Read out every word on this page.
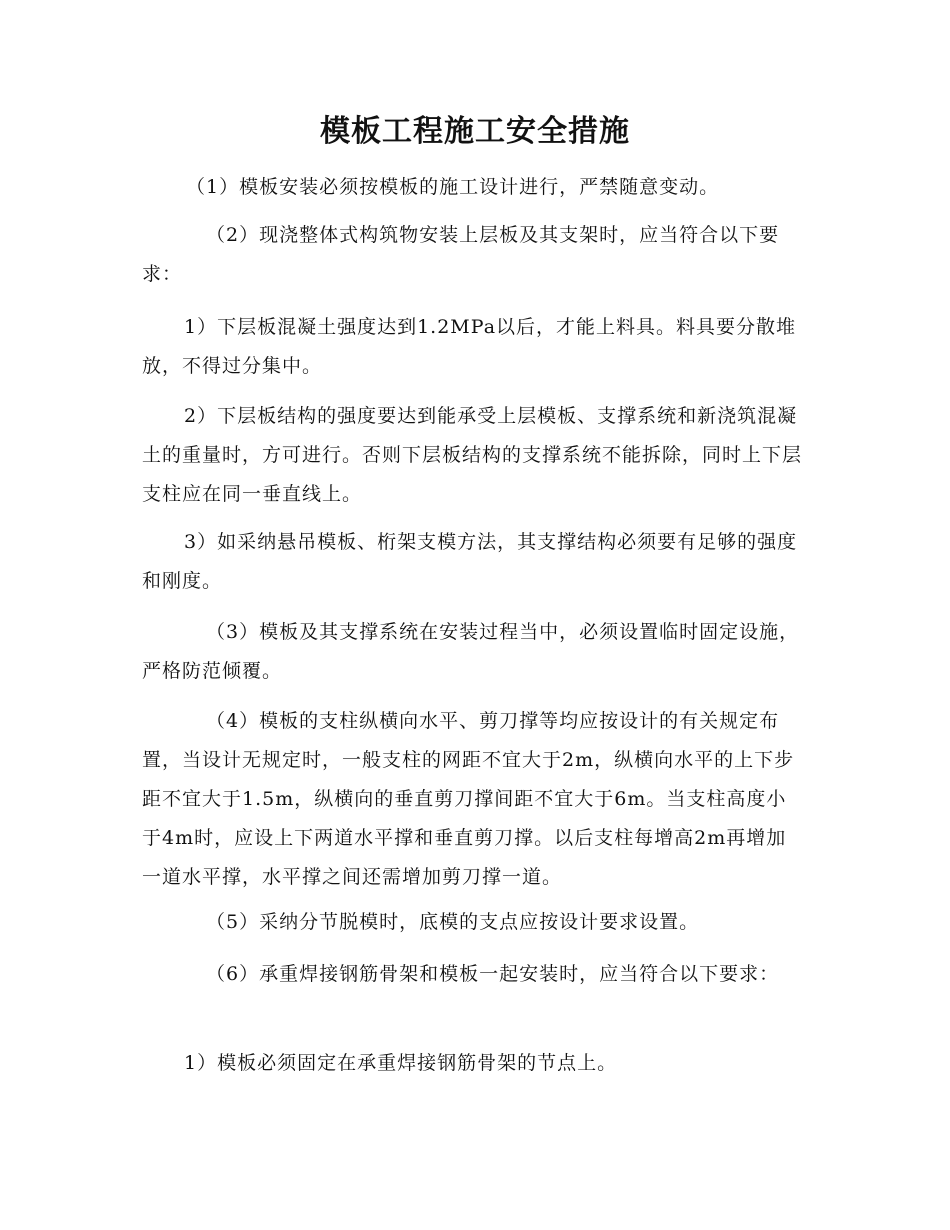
模板工程施工安全措施

（1）模板安装必须按模板的施工设计进行，严禁随意变动。

（2）现浇整体式构筑物安装上层板及其支架时，应当符合以下要求：

1）下层板混凝土强度达到1.2MPa以后，才能上料具。料具要分散堆放，不得过分集中。

2）下层板结构的强度要达到能承受上层模板、支撑系统和新浇筑混凝土的重量时，方可进行。否则下层板结构的支撑系统不能拆除，同时上下层支柱应在同一垂直线上。

3）如采纳悬吊模板、桁架支模方法，其支撑结构必须要有足够的强度和刚度。

（3）模板及其支撑系统在安装过程当中，必须设置临时固定设施，严格防范倾覆。

（4）模板的支柱纵横向水平、剪刀撑等均应按设计的有关规定布置，当设计无规定时，一般支柱的网距不宜大于2m，纵横向水平的上下步距不宜大于1.5m，纵横向的垂直剪刀撑间距不宜大于6m。当支柱高度小于4m时，应设上下两道水平撑和垂直剪刀撑。以后支柱每增高2m再增加一道水平撑，水平撑之间还需增加剪刀撑一道。

（5）采纳分节脱模时，底模的支点应按设计要求设置。

（6）承重焊接钢筋骨架和模板一起安装时，应当符合以下要求：

1）模板必须固定在承重焊接钢筋骨架的节点上。
